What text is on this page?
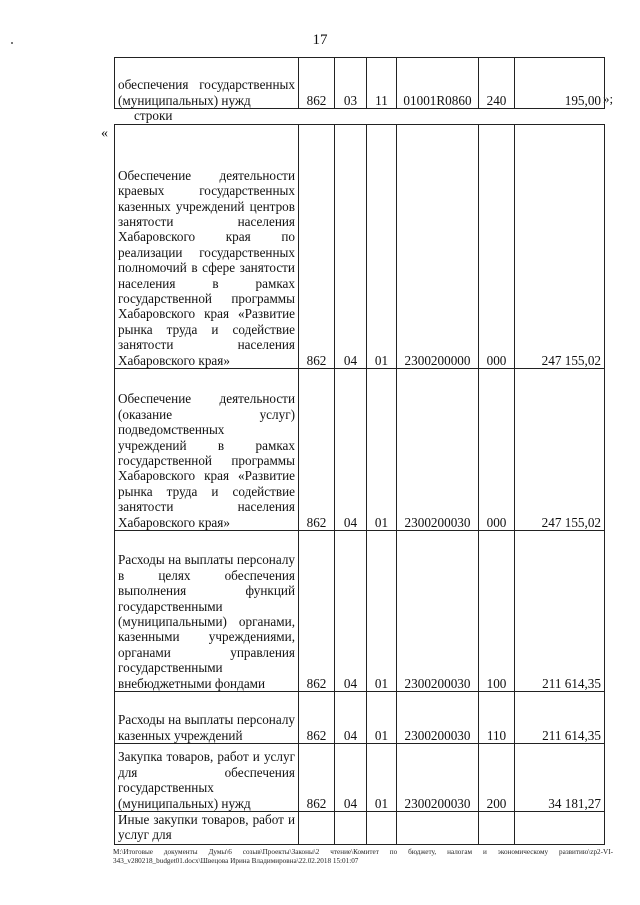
17
»;
строки
«
обеспечения государственных (муниципальных) нужд	862	03	11	01001R0860	240	195,00

Обеспечение деятельности краевых государственных казенных учреждений центров занятости населения Хабаровского края по реализации государственных полномочий в сфере занятости населения в рамках государственной программы Хабаровского края «Развитие рынка труда и содействие занятости населения Хабаровского края»	862	04	01	2300200000	000	247 155,02
Обеспечение деятельности (оказание услуг) подведомственных учреждений в рамках государственной программы Хабаровского края «Развитие рынка труда и содействие занятости населения Хабаровского края»	862	04	01	2300200030	000	247 155,02
Расходы на выплаты персоналу в целях обеспечения выполнения функций государственными (муниципальными) органами, казенными учреждениями, органами управления государственными внебюджетными фондами	862	04	01	2300200030	100	211 614,35
Расходы на выплаты персоналу казенных учреждений	862	04	01	2300200030	110	211 614,35
Закупка товаров, работ и услуг для обеспечения государственных (муниципальных) нужд	862	04	01	2300200030	200	34 181,27
Иные закупки товаров, работ и услуг для						
M:\Итоговые документы Думы\6 созыв\Проекты\Законы\2 чтение\Комитет по бюджету, налогам и экономическому развитию\zp2-VI-343_v280218_budget01.docx\Швецова Ирина Владимировна\22.02.2018 15:01:07
